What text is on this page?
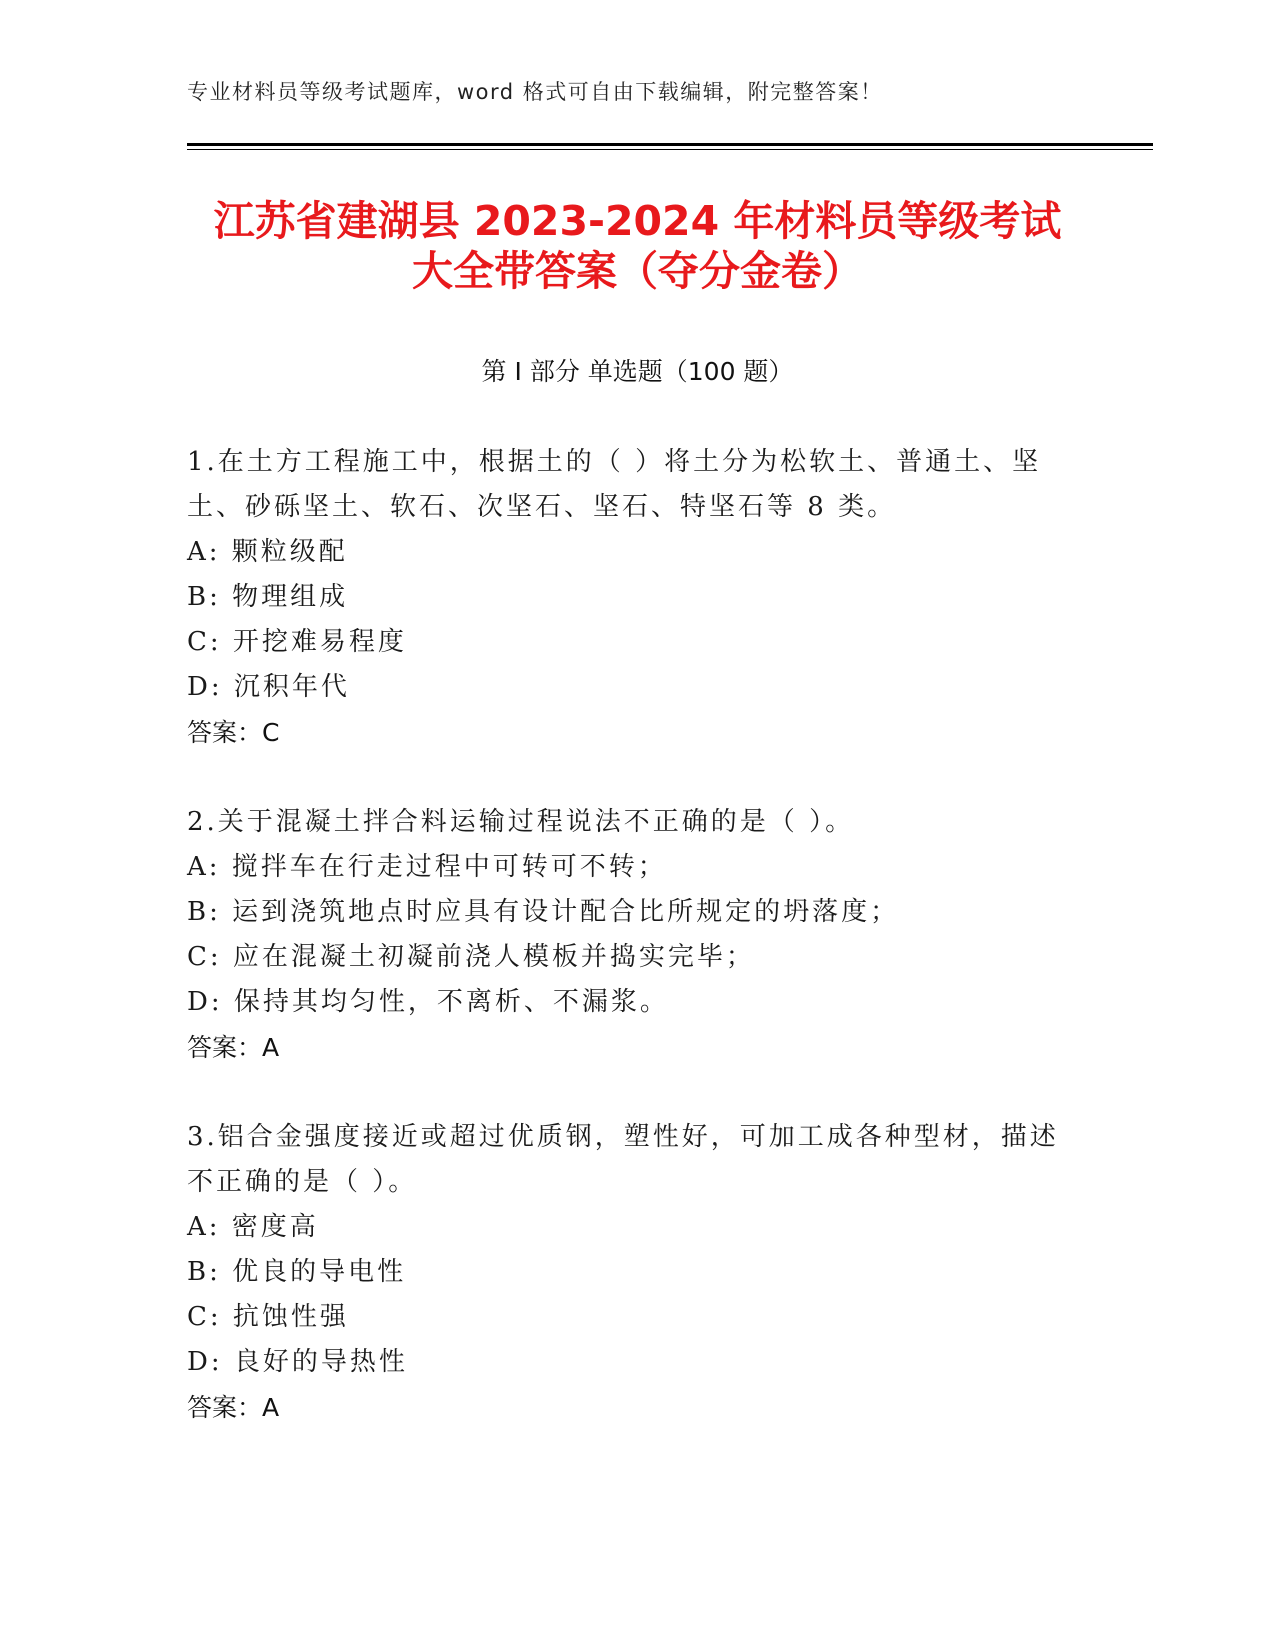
专业材料员等级考试题库，word 格式可自由下载编辑，附完整答案！
江苏省建湖县 2023-2024 年材料员等级考试
大全带答案（夺分金卷）
第 I 部分 单选题（100 题）
1.在土方工程施工中，根据土的（ ）将土分为松软土、普通土、坚土、砂砾坚土、软石、次坚石、坚石、特坚石等 8 类。
A: 颗粒级配
B: 物理组成
C: 开挖难易程度
D: 沉积年代
答案：C
2.关于混凝土拌合料运输过程说法不正确的是（ ）。
A: 搅拌车在行走过程中可转可不转；
B: 运到浇筑地点时应具有设计配合比所规定的坍落度；
C: 应在混凝土初凝前浇人模板并捣实完毕；
D: 保持其均匀性，不离析、不漏浆。
答案：A
3.铝合金强度接近或超过优质钢，塑性好，可加工成各种型材，描述不正确的是（ ）。
A: 密度高
B: 优良的导电性
C: 抗蚀性强
D: 良好的导热性
答案：A
